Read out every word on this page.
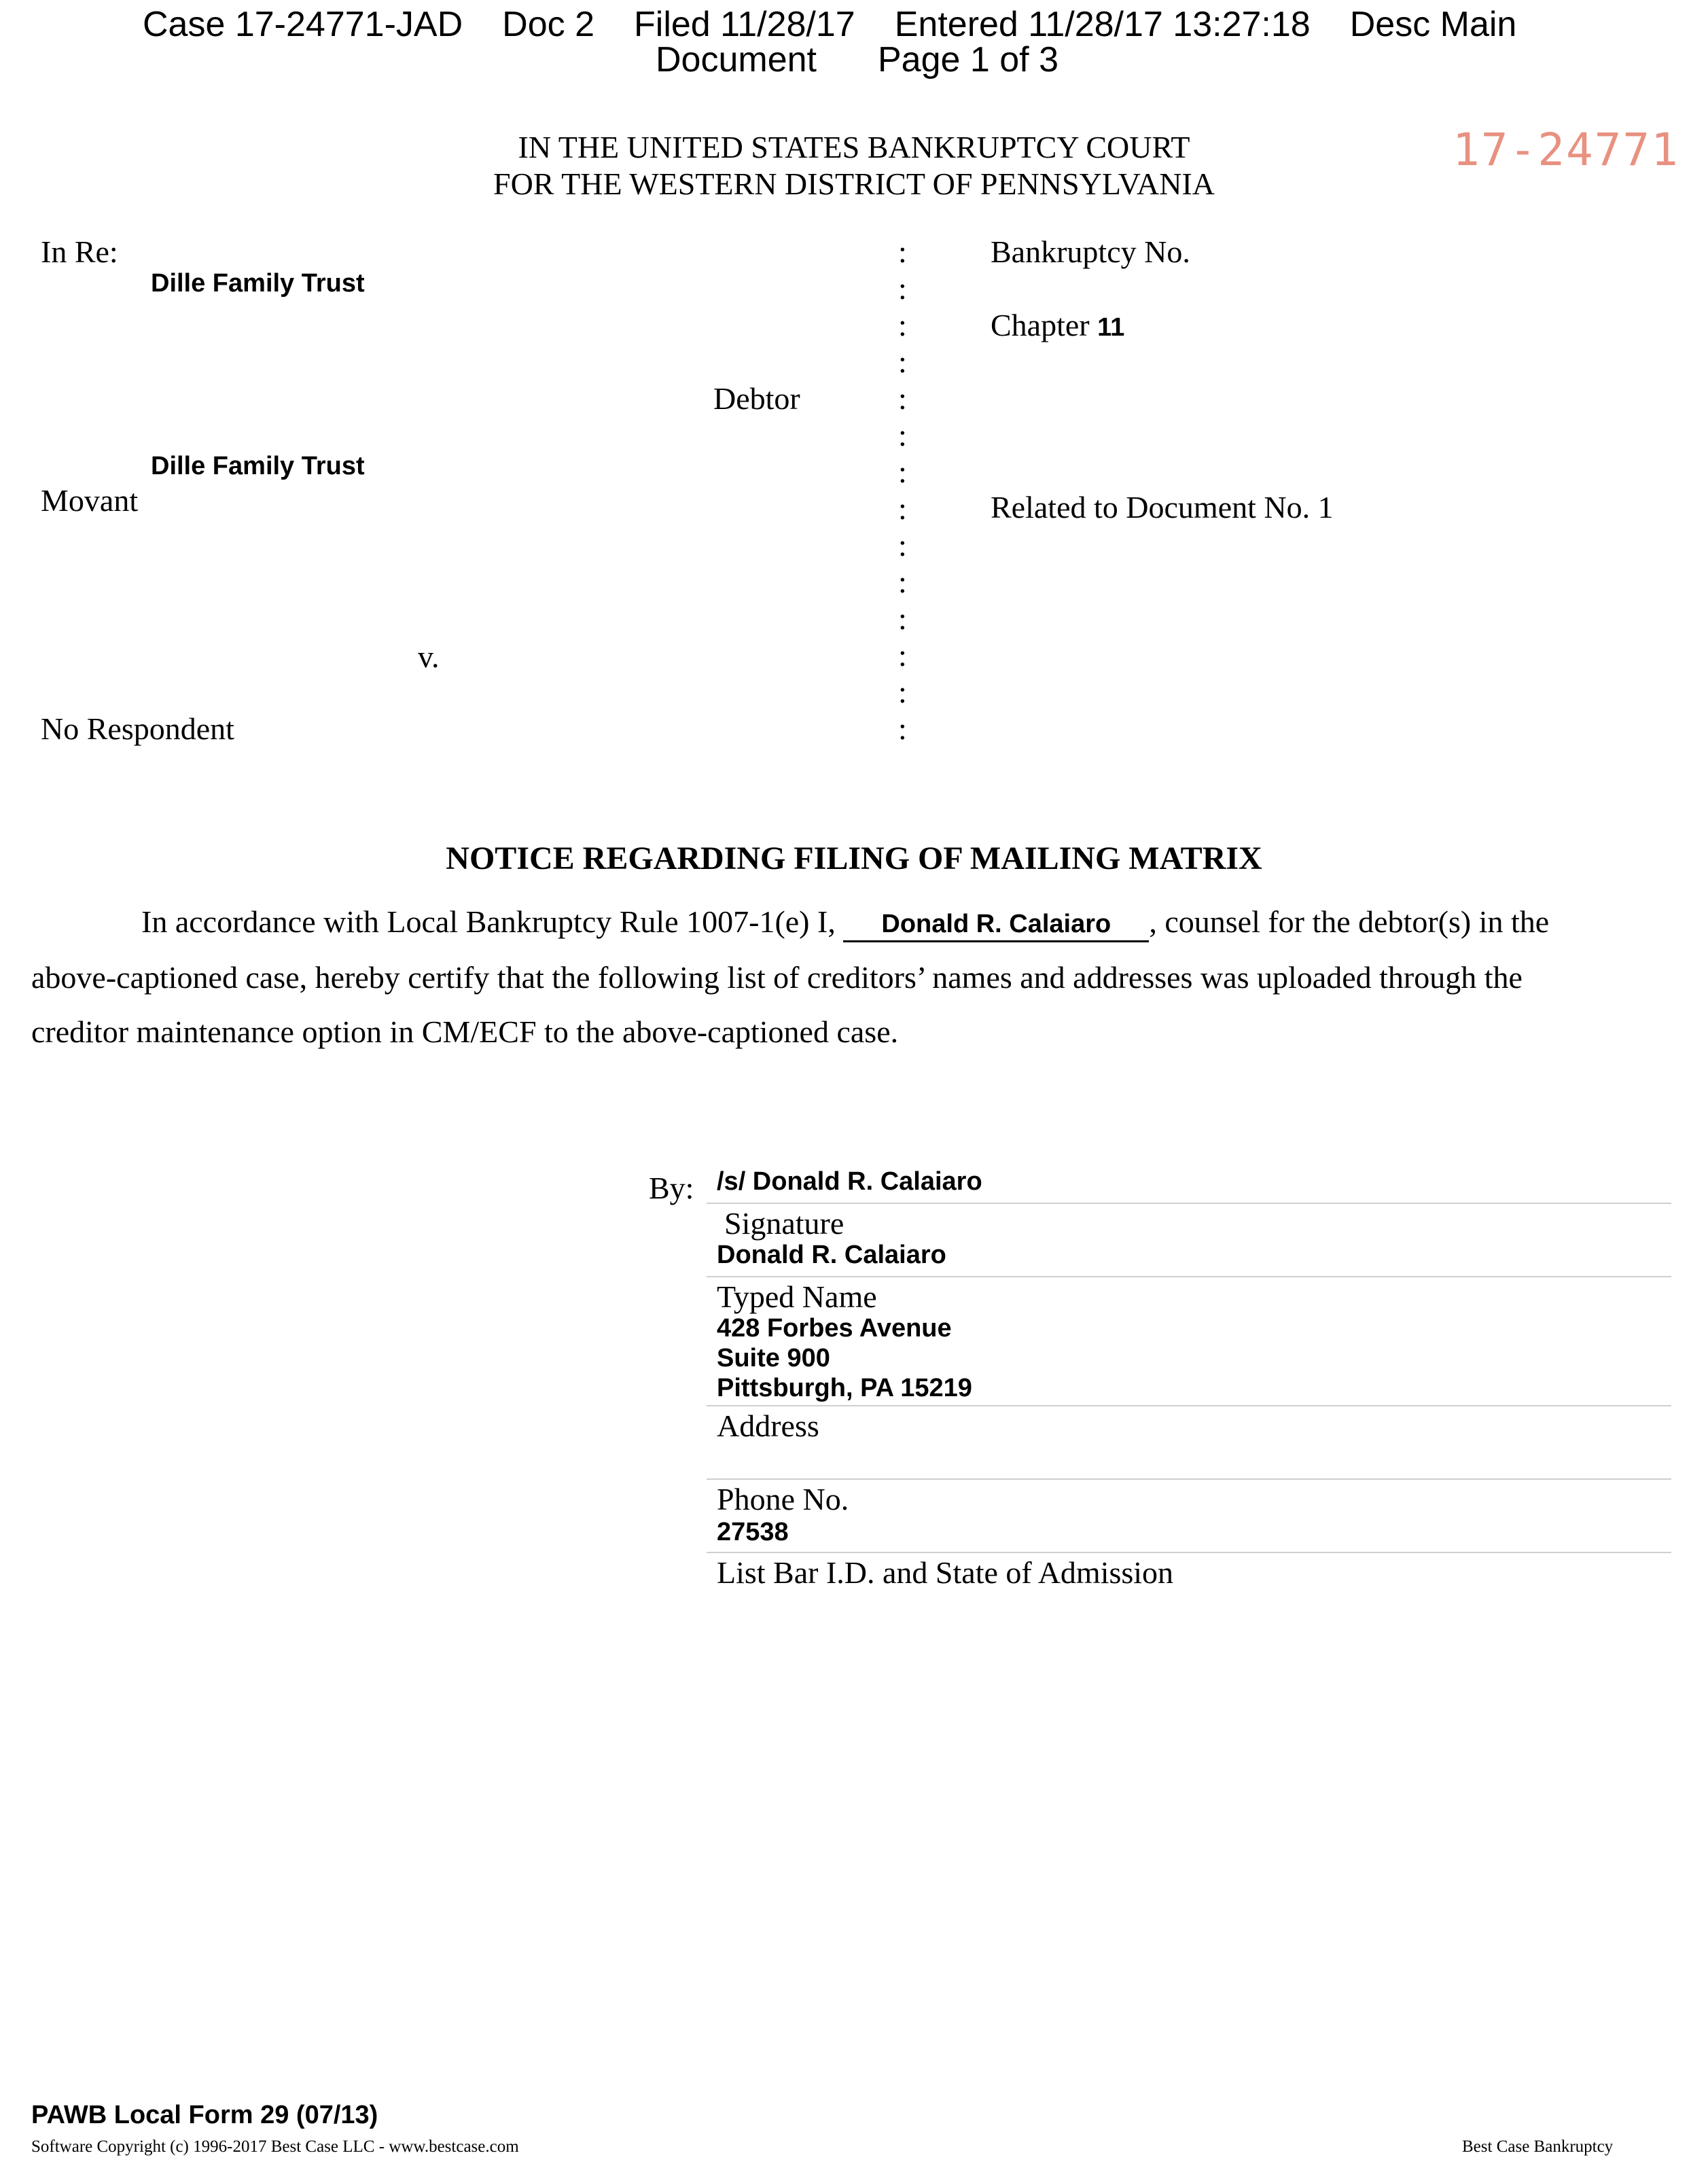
Case 17-24771-JAD Doc 2 Filed 11/28/17 Entered 11/28/17 13:27:18 Desc Main
Document Page 1 of 3
17-24771
IN THE UNITED STATES BANKRUPTCY COURT
FOR THE WESTERN DISTRICT OF PENNSYLVANIA
In Re:
Dille Family Trust
Debtor
Dille Family Trust
Movant
v.
No Respondent
:
:
:
:
:
:
:
:
:
:
:
:
:
:
Bankruptcy No.
Chapter 11
Related to Document No. 1
NOTICE REGARDING FILING OF MAILING MATRIX
In accordance with Local Bankruptcy Rule 1007-1(e) I, Donald R. Calaiaro , counsel for the debtor(s) in the
above-captioned case, hereby certify that the following list of creditors’ names and addresses was uploaded through the
creditor maintenance option in CM/ECF to the above-captioned case.
By: /s/ Donald R. Calaiaro
Signature
Donald R. Calaiaro
Typed Name
428 Forbes Avenue
Suite 900
Pittsburgh, PA 15219
Address
Phone No.
27538
List Bar I.D. and State of Admission
PAWB Local Form 29 (07/13)
Software Copyright (c) 1996-2017 Best Case LLC - www.bestcase.com	Best Case Bankruptcy
